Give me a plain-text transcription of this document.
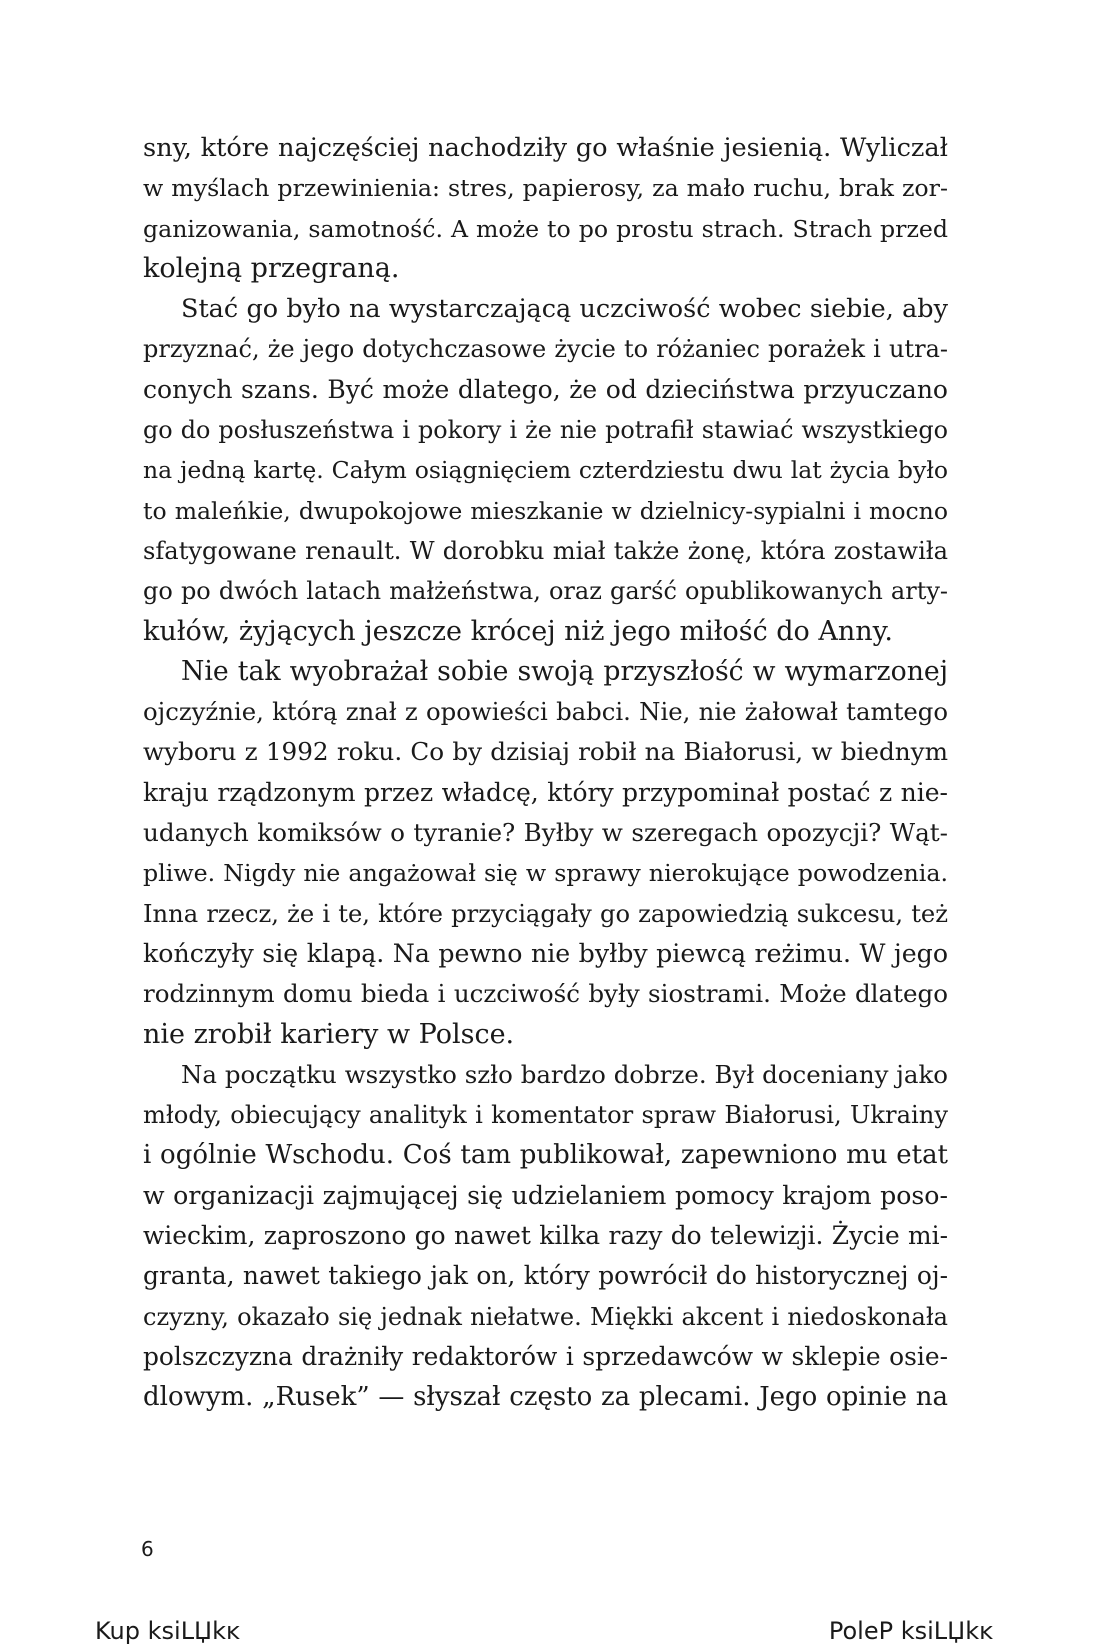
sny, które najczęściej nachodziły go właśnie jesienią. Wyliczał
w myślach przewinienia: stres, papierosy, za mało ruchu, brak zor-
ganizowania, samotność. A może to po prostu strach. Strach przed
kolejną przegraną.

Stać go było na wystarczającą uczciwość wobec siebie, aby
przyznać, że jego dotychczasowe życie to różaniec porażek i utra-
conych szans. Być może dlatego, że od dzieciństwa przyuczano
go do posłuszeństwa i pokory i że nie potrafił stawiać wszystkiego
na jedną kartę. Całym osiągnięciem czterdziestu dwu lat życia było
to maleńkie, dwupokojowe mieszkanie w dzielnicy-sypialni i mocno
sfatygowane renault. W dorobku miał także żonę, która zostawiła
go po dwóch latach małżeństwa, oraz garść opublikowanych arty-
kułów, żyjących jeszcze krócej niż jego miłość do Anny.

Nie tak wyobrażał sobie swoją przyszłość w wymarzonej
ojczyźnie, którą znał z opowieści babci. Nie, nie żałował tamtego
wyboru z 1992 roku. Co by dzisiaj robił na Białorusi, w biednym
kraju rządzonym przez władcę, który przypominał postać z nie-
udanych komiksów o tyranie? Byłby w szeregach opozycji? Wąt-
pliwe. Nigdy nie angażował się w sprawy nierokujące powodzenia.
Inna rzecz, że i te, które przyciągały go zapowiedzią sukcesu, też
kończyły się klapą. Na pewno nie byłby piewcą reżimu. W jego
rodzinnym domu bieda i uczciwość były siostrami. Może dlatego
nie zrobił kariery w Polsce.

Na początku wszystko szło bardzo dobrze. Był doceniany jako
młody, obiecujący analityk i komentator spraw Białorusi, Ukrainy
i ogólnie Wschodu. Coś tam publikował, zapewniono mu etat
w organizacji zajmującej się udzielaniem pomocy krajom poso-
wieckim, zaproszono go nawet kilka razy do telewizji. Życie mi-
granta, nawet takiego jak on, który powrócił do historycznej oj-
czyzny, okazało się jednak niełatwe. Miękki akcent i niedoskonała
polszczyzna drażniły redaktorów i sprzedawców w sklepie osie-
dlowym. „Rusek” — słyszał często za plecami. Jego opinie na

6
Kup ksiLЏkĸ	PoleP ksiLЏkĸ
